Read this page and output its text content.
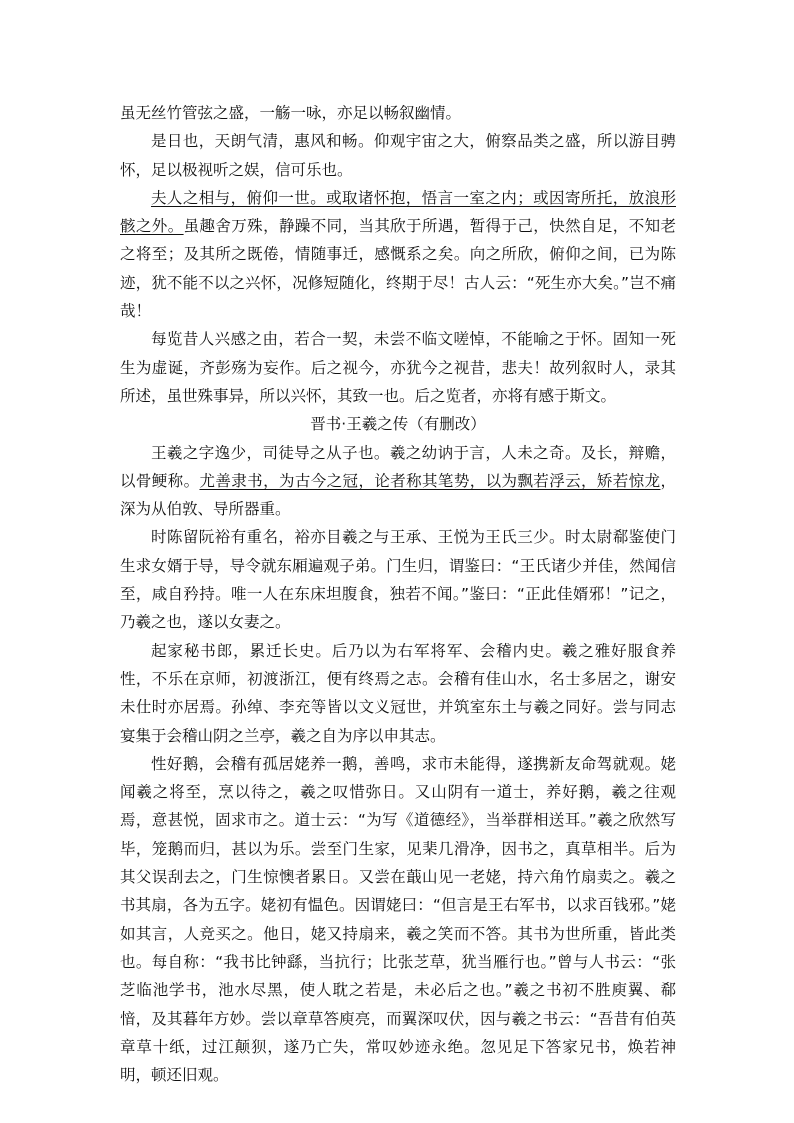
虽无丝竹管弦之盛，一觞一咏，亦足以畅叙幽情。

是日也，天朗气清，惠风和畅。仰观宇宙之大，俯察品类之盛，所以游目骋怀，足以极视听之娱，信可乐也。

夫人之相与，俯仰一世。或取诸怀抱，悟言一室之内；或因寄所托，放浪形骸之外。虽趣舍万殊，静躁不同，当其欣于所遇，暂得于己，快然自足，不知老之将至；及其所之既倦，情随事迁，感慨系之矣。向之所欣，俯仰之间，已为陈迹，犹不能不以之兴怀，况修短随化，终期于尽！古人云：“死生亦大矣。”岂不痛哉！

每览昔人兴感之由，若合一契，未尝不临文嗟悼，不能喻之于怀。固知一死生为虚诞，齐彭殇为妄作。后之视今，亦犹今之视昔，悲夫！故列叙时人，录其所述，虽世殊事异，所以兴怀，其致一也。后之览者，亦将有感于斯文。

晋书·王羲之传（有删改）

王羲之字逸少，司徒导之从子也。羲之幼讷于言，人未之奇。及长，辩赡，以骨鲠称。尤善隶书，为古今之冠，论者称其笔势，以为飘若浮云，矫若惊龙，深为从伯敦、导所器重。

时陈留阮裕有重名，裕亦目羲之与王承、王悦为王氏三少。时太尉郗鉴使门生求女婿于导，导令就东厢遍观子弟。门生归，谓鉴曰：“王氏诸少并佳，然闻信至，咸自矜持。唯一人在东床坦腹食，独若不闻。”鉴曰：“正此佳婿邪！”记之，乃羲之也，遂以女妻之。

起家秘书郎，累迁长史。后乃以为右军将军、会稽内史。羲之雅好服食养性，不乐在京师，初渡浙江，便有终焉之志。会稽有佳山水，名士多居之，谢安未仕时亦居焉。孙绰、李充等皆以文义冠世，并筑室东土与羲之同好。尝与同志宴集于会稽山阴之兰亭，羲之自为序以申其志。

性好鹅，会稽有孤居姥养一鹅，善鸣，求市未能得，遂携新友命驾就观。姥闻羲之将至，烹以待之，羲之叹惜弥日。又山阴有一道士，养好鹅，羲之往观焉，意甚悦，固求市之。道士云：“为写《道德经》，当举群相送耳。”羲之欣然写毕，笼鹅而归，甚以为乐。尝至门生家，见棐几滑净，因书之，真草相半。后为其父误刮去之，门生惊懊者累日。又尝在蕺山见一老姥，持六角竹扇卖之。羲之书其扇，各为五字。姥初有愠色。因谓姥曰：“但言是王右军书，以求百钱邪。”姥如其言，人竞买之。他日，姥又持扇来，羲之笑而不答。其书为世所重，皆此类也。每自称：“我书比钟繇，当抗行；比张芝草，犹当雁行也。”曾与人书云：“张芝临池学书，池水尽黑，使人耽之若是，未必后之也。”羲之书初不胜庾翼、郗愔，及其暮年方妙。尝以章草答庾亮，而翼深叹伏，因与羲之书云：“吾昔有伯英章草十纸，过江颠狈，遂乃亡失，常叹妙迹永绝。忽见足下答家兄书，焕若神明，顿还旧观。
